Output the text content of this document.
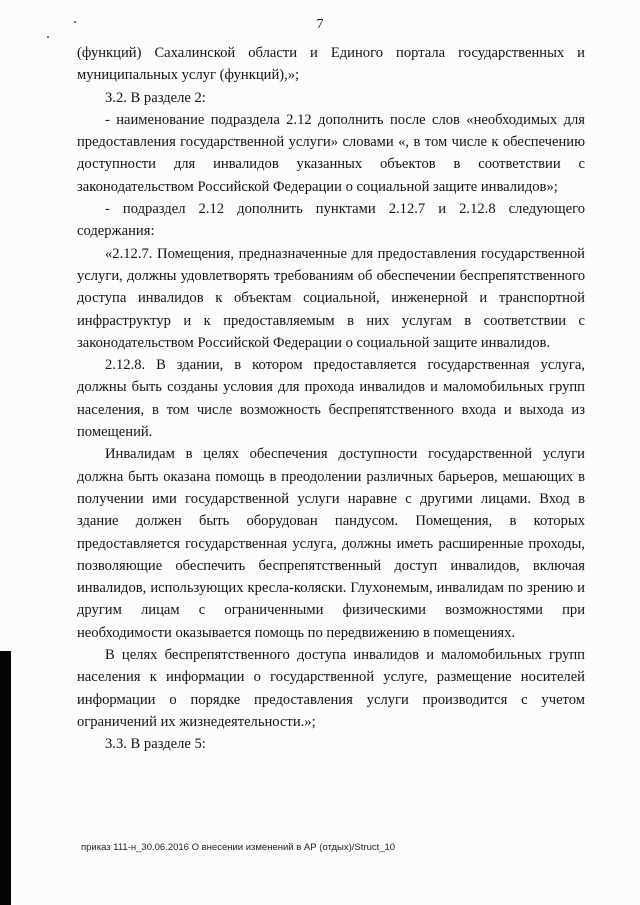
7

(функций) Сахалинской области и Единого портала государственных и муниципальных услуг (функций),»;

3.2. В разделе 2:

- наименование подраздела 2.12 дополнить после слов «необходимых для предоставления государственной услуги» словами «, в том числе к обеспечению доступности для инвалидов указанных объектов в соответствии с законодательством Российской Федерации о социальной защите инвалидов»;

- подраздел 2.12 дополнить пунктами 2.12.7 и 2.12.8 следующего содержания:

«2.12.7. Помещения, предназначенные для предоставления государственной услуги, должны удовлетворять требованиям об обеспечении беспрепятственного доступа инвалидов к объектам социальной, инженерной и транспортной инфраструктур и к предоставляемым в них услугам в соответствии с законодательством Российской Федерации о социальной защите инвалидов.

2.12.8. В здании, в котором предоставляется государственная услуга, должны быть созданы условия для прохода инвалидов и маломобильных групп населения, в том числе возможность беспрепятственного входа и выхода из помещений.

Инвалидам в целях обеспечения доступности государственной услуги должна быть оказана помощь в преодолении различных барьеров, мешающих в получении ими государственной услуги наравне с другими лицами. Вход в здание должен быть оборудован пандусом. Помещения, в которых предоставляется государственная услуга, должны иметь расширенные проходы, позволяющие обеспечить беспрепятственный доступ инвалидов, включая инвалидов, использующих кресла-коляски. Глухонемым, инвалидам по зрению и другим лицам с ограниченными физическими возможностями при необходимости оказывается помощь по передвижению в помещениях.

В целях беспрепятственного доступа инвалидов и маломобильных групп населения к информации о государственной услуге, размещение носителей информации о порядке предоставления услуги производится с учетом ограничений их жизнедеятельности.»;

3.3. В разделе 5:

приказ 111-н_30.06.2016 О внесении изменений в АР (отдых)/Struct_10
